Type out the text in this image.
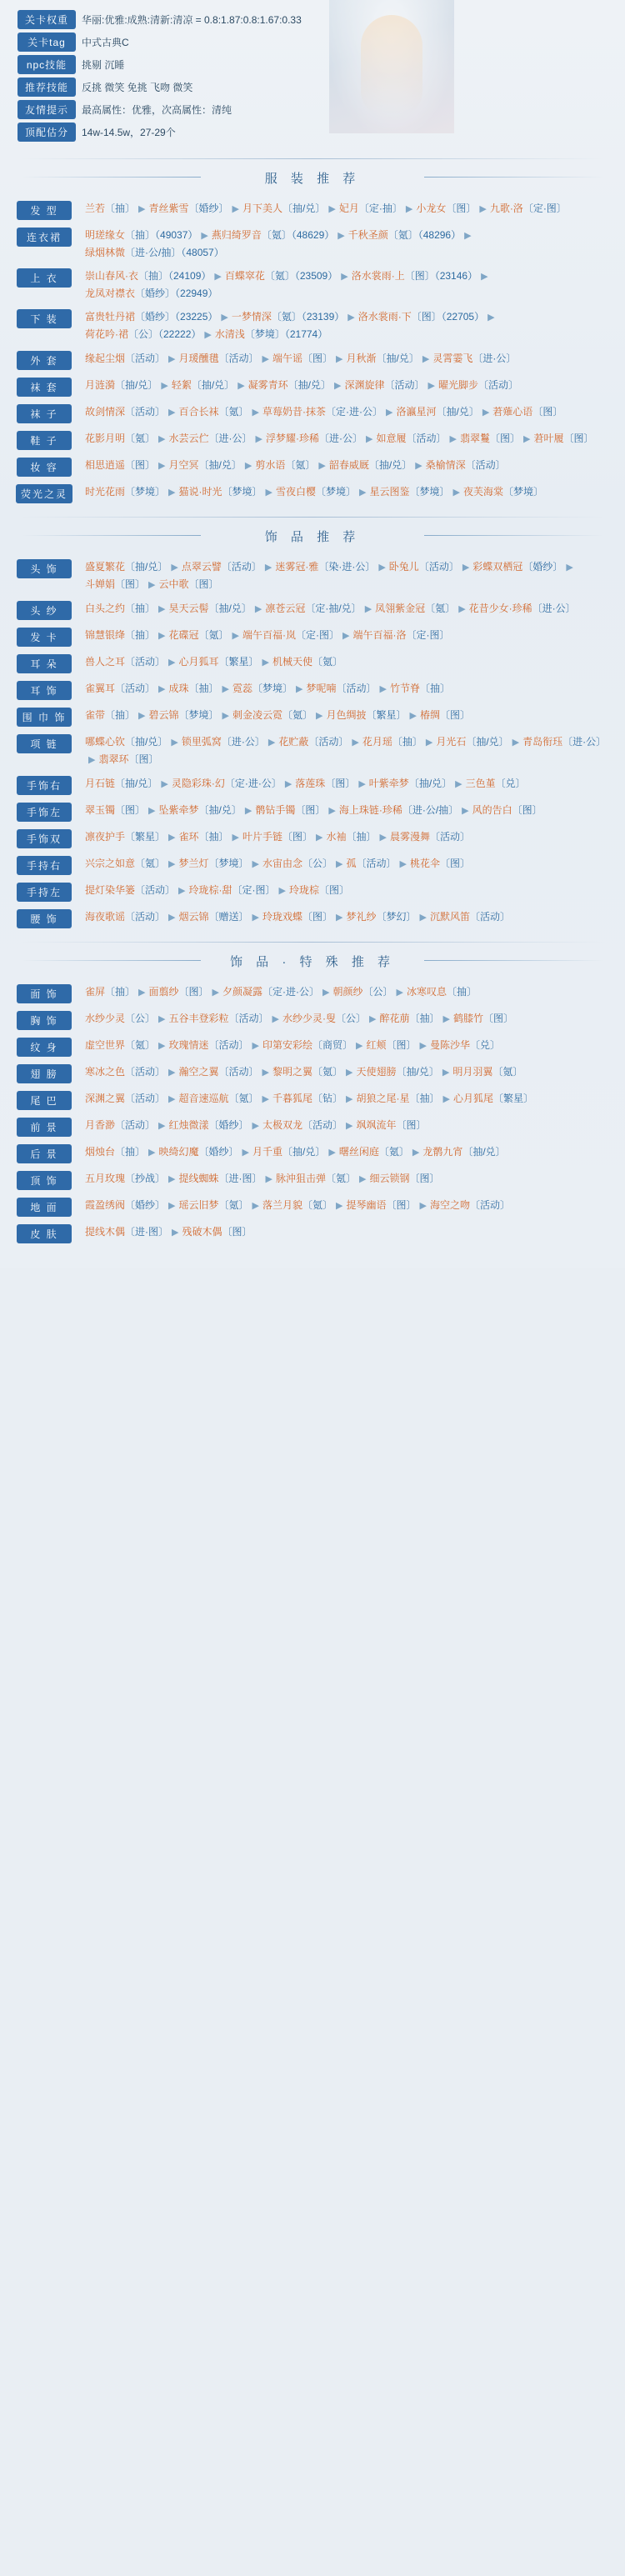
关卡权重	华丽:优雅:成熟:清新:清凉 = 0.8:1.87:0.8:1.67:0.33
关卡tag	中式古典C
npc技能	挑剔 沉睡
推荐技能	反挑 微笑 免挑 飞吻 微笑
友情提示	最高属性：优雅，次高属性：清纯
顶配估分	14w-14.5w，27-29个
服 装 推 荐
发 型	兰若〔抽〕 ▶ 青丝紫雪〔婚纱〕 ▶ 月下美人〔抽/兑〕 ▶ 妃月〔定·抽〕 ▶ 小龙女〔图〕 ▶ 九歌·洛〔定·图〕
连衣裙	明瑳缘女〔抽〕（49037） ▶ 燕归绮罗音〔氪〕（48629） ▶ 千秋圣颜〔氪〕（48296） ▶绿烟林微〔进·公/抽〕（48057）
上 衣	崇山春风·衣〔抽〕（24109） ▶ 百蝶窣花〔氪〕（23509） ▶ 洛水裳雨·上〔图〕（23146） ▶龙凤对襟衣〔婚纱〕（22949）
下 装	富贵牡丹裙〔婚纱〕（23225） ▶ 一梦情深〔氪〕（23139） ▶ 洛水裳雨·下〔图〕（22705） ▶荷花吟·裙〔公〕（22222） ▶ 水清浅〔梦境〕（21774）
外 套	缘起尘烟〔活动〕 ▶ 月瑗醺氆〔活动〕 ▶ 端午谣〔图〕 ▶ 月秋渐〔抽/兑〕 ▶ 灵霄霎飞〔进·公〕
袜 套	月涟漪〔抽/兑〕 ▶ 轻絮〔抽/兑〕 ▶ 凝雾青环〔抽/兑〕 ▶ 深渊旋律〔活动〕 ▶ 曜光脚步〔活动〕
袜 子	故剑情深〔活动〕 ▶ 百合长袜〔氪〕 ▶ 草莓奶昔·抹茶〔定·进·公〕 ▶ 洛瀛星河〔抽/兑〕 ▶ 莙薙心语〔图〕
鞋 子	花影月明〔氪〕 ▶ 水芸云伫〔进·公〕 ▶ 浮梦耀·珍稀〔进·公〕 ▶ 如意履〔活动〕 ▶ 翡翠鬘〔图〕 ▶ 莙叶履〔图〕
妆 容	相思逍遥〔图〕 ▶ 月空冥〔抽/兑〕 ▶ 剪水语〔氪〕 ▶ 韶春威厩〔抽/兑〕 ▶ 桑榆情深〔活动〕
荧光之灵	时光花雨〔梦境〕 ▶ 猫说·时光〔梦境〕 ▶ 雪夜白樱〔梦境〕 ▶ 星云图鉴〔梦境〕 ▶ 夜芙海棠〔梦境〕
饰 品 推 荐
头 饰	盛夏繁花〔抽/兑〕 ▶ 点翠云譬〔活动〕 ▶ 迷雾冠·雅〔染·进·公〕 ▶ 卧兔儿〔活动〕 ▶ 彩蝶双栖冠〔婚纱〕 ▶斗婵娟〔图〕 ▶ 云中歌〔图〕
头 纱	白头之约〔抽〕 ▶ 昊天云髻〔抽/兑〕 ▶ 凛苍云冠〔定·抽/兑〕 ▶ 凤翎紫金冠〔氪〕 ▶ 花昔少女·珍稀〔进·公〕
发 卡	锦慧银绛〔抽〕 ▶ 花碟冠〔氪〕 ▶ 端午百福·岚〔定·图〕 ▶ 端午百福·洛〔定·图〕
耳 朵	兽人之耳〔活动〕 ▶ 心月狐耳〔繁星〕 ▶ 机械天使〔氪〕
耳 饰	雀翼耳〔活动〕 ▶ 成珠〔抽〕 ▶ 霓蕊〔梦境〕 ▶ 梦呢喃〔活动〕 ▶ 竹节脊〔抽〕
围 巾 饰	雀带〔抽〕 ▶ 碧云锦〔梦境〕 ▶ 刺金凌云霓〔氪〕 ▶ 月色绸披〔繁星〕 ▶ 椿绸〔图〕
项 链	哪蝶心钦〔抽/兑〕 ▶ 锁里弧窝〔进·公〕 ▶ 花贮蔽〔活动〕 ▶ 花月瑶〔抽〕 ▶ 月光石〔抽/兑〕 ▶ 青岛衔珏〔进·公〕▶ 翡翠环〔图〕
手饰右	月石链〔抽/兑〕 ▶ 灵隐彩珠·幻〔定·进·公〕 ▶ 落莲珠〔图〕 ▶ 叶紫牵梦〔抽/兑〕 ▶ 三色堇〔兑〕
手饰左	翠玉镯〔图〕 ▶ 坠紫牵梦〔抽/兑〕 ▶ 鹡钻手镯〔图〕 ▶ 海上珠链·珍稀〔进·公/抽〕 ▶ 风的告白〔图〕
手饰双	凛夜护手〔繁星〕 ▶ 雀环〔抽〕 ▶ 叶片手链〔图〕 ▶ 水袖〔抽〕 ▶ 晨雾漫舞〔活动〕
手持右	兴宗之如意〔氪〕 ▶ 梦兰灯〔梦境〕 ▶ 水宙由念〔公〕 ▶ 孤〔活动〕 ▶ 桃花伞〔图〕
手持左	提灯染华篓〔活动〕 ▶ 玲珑棕·甜〔定·图〕 ▶ 玲珑棕〔图〕
腰 饰	海夜歌谣〔活动〕 ▶ 烟云锦〔赠送〕 ▶ 玲珑戏蝶〔图〕 ▶ 梦礼纱〔梦幻〕 ▶ 沉默风笛〔活动〕
饰 品 · 特 殊 推 荐
面 饰	雀屏〔抽〕 ▶ 面翦纱〔图〕 ▶ 夕颜凝露〔定·进·公〕 ▶ 朝颜纱〔公〕 ▶ 冰寒叹息〔抽〕
胸 饰	水纱少灵〔公〕 ▶ 五谷丰登彩粒〔活动〕 ▶ 水纱少灵·叟〔公〕 ▶ 醉花萠〔抽〕 ▶ 鹤膝竹〔图〕
纹 身	虚空世界〔氪〕 ▶ 玫瑰情迷〔活动〕 ▶ 印第安彩绘〔商贸〕 ▶ 红颊〔图〕 ▶ 曼陈沙华〔兑〕
翅 膀	寒冰之色〔活动〕 ▶ 瀚空之翼〔活动〕 ▶ 黎明之翼〔氪〕 ▶ 天使翅膀〔抽/兑〕 ▶ 明月羽翼〔氪〕
尾 巴	深渊之翼〔活动〕 ▶ 超音速巡航〔氪〕 ▶ 千暮狐尾〔钻〕 ▶ 胡狼之尾·星〔抽〕 ▶ 心月狐尾〔繁星〕
前 景	月香渺〔活动〕 ▶ 红烛微漾〔婚纱〕 ▶ 太极双龙〔活动〕 ▶ 飒飒流年〔图〕
后 景	烟烛台〔抽〕 ▶ 映绮幻魔〔婚纱〕 ▶ 月千重〔抽/兑〕 ▶ 曙丝闲庭〔氪〕 ▶ 龙鹡九宵〔抽/兑〕
顶 饰	五月玫瑰〔抄战〕 ▶ 提线蜘蛛〔进·图〕 ▶ 脉沖狙击弹〔氪〕 ▶ 细云锁钢〔图〕
地 面	霞盈绣阀〔婚纱〕 ▶ 瑶云旧梦〔氪〕 ▶ 落兰月貌〔氪〕 ▶ 提琴幽语〔图〕 ▶ 海空之吻〔活动〕
皮 肤	提线木偶〔进·图〕 ▶ 残破木偶〔图〕
